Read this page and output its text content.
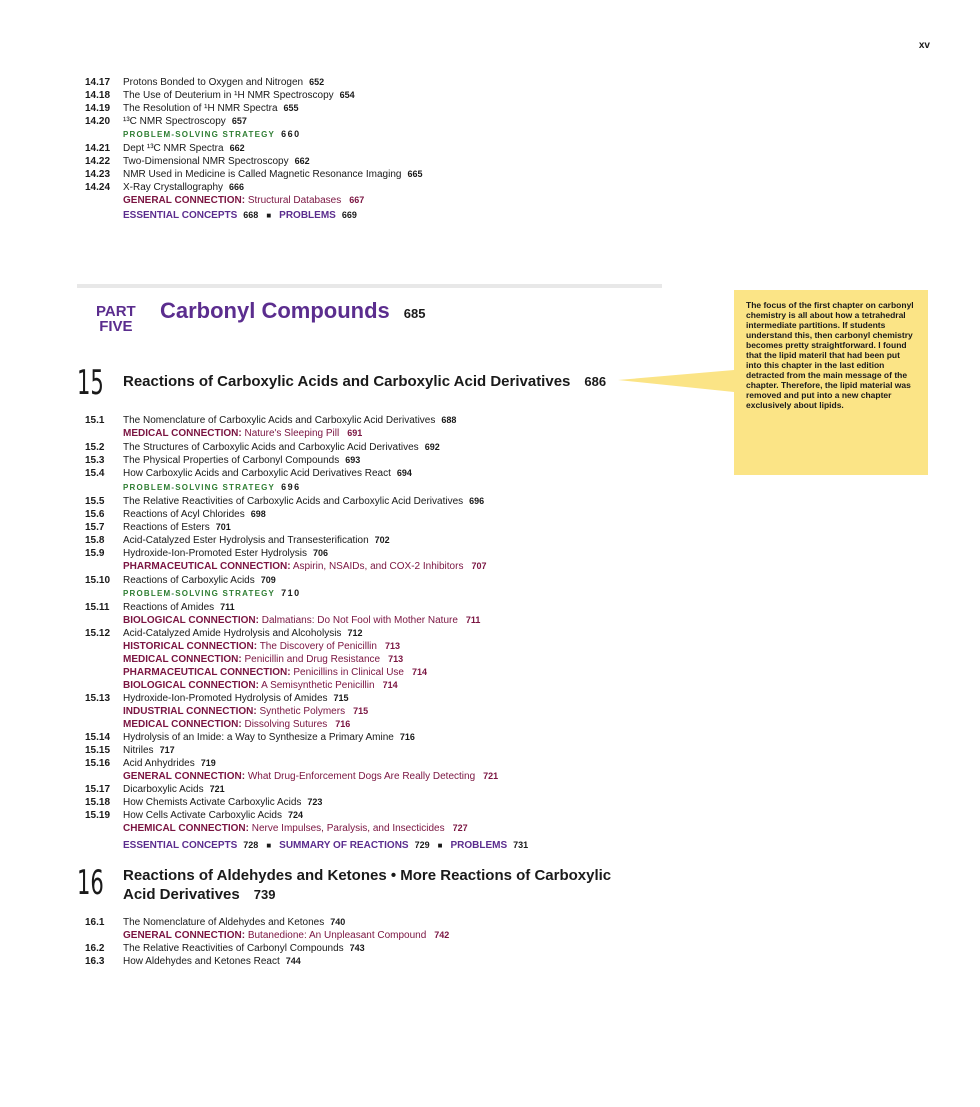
xv
14.17 Protons Bonded to Oxygen and Nitrogen 652
14.18 The Use of Deuterium in ¹H NMR Spectroscopy 654
14.19 The Resolution of ¹H NMR Spectra 655
14.20 ¹³C NMR Spectroscopy 657
PROBLEM-SOLVING STRATEGY 660
14.21 Dept ¹³C NMR Spectra 662
14.22 Two-Dimensional NMR Spectroscopy 662
14.23 NMR Used in Medicine is Called Magnetic Resonance Imaging 665
14.24 X-Ray Crystallography 666
GENERAL CONNECTION: Structural Databases 667
ESSENTIAL CONCEPTS 668 ■ PROBLEMS 669
PART
FIVE
Carbonyl Compounds 685
15 Reactions of Carboxylic Acids and Carboxylic Acid Derivatives 686
15.1 The Nomenclature of Carboxylic Acids and Carboxylic Acid Derivatives 688
MEDICAL CONNECTION: Nature's Sleeping Pill 691
15.2 The Structures of Carboxylic Acids and Carboxylic Acid Derivatives 692
15.3 The Physical Properties of Carbonyl Compounds 693
15.4 How Carboxylic Acids and Carboxylic Acid Derivatives React 694
PROBLEM-SOLVING STRATEGY 696
15.5 The Relative Reactivities of Carboxylic Acids and Carboxylic Acid Derivatives 696
15.6 Reactions of Acyl Chlorides 698
15.7 Reactions of Esters 701
15.8 Acid-Catalyzed Ester Hydrolysis and Transesterification 702
15.9 Hydroxide-Ion-Promoted Ester Hydrolysis 706
PHARMACEUTICAL CONNECTION: Aspirin, NSAIDs, and COX-2 Inhibitors 707
15.10 Reactions of Carboxylic Acids 709
PROBLEM-SOLVING STRATEGY 710
15.11 Reactions of Amides 711
BIOLOGICAL CONNECTION: Dalmatians: Do Not Fool with Mother Nature 711
15.12 Acid-Catalyzed Amide Hydrolysis and Alcoholysis 712
HISTORICAL CONNECTION: The Discovery of Penicillin 713
MEDICAL CONNECTION: Penicillin and Drug Resistance 713
PHARMACEUTICAL CONNECTION: Penicillins in Clinical Use 714
BIOLOGICAL CONNECTION: A Semisynthetic Penicillin 714
15.13 Hydroxide-Ion-Promoted Hydrolysis of Amides 715
INDUSTRIAL CONNECTION: Synthetic Polymers 715
MEDICAL CONNECTION: Dissolving Sutures 716
15.14 Hydrolysis of an Imide: a Way to Synthesize a Primary Amine 716
15.15 Nitriles 717
15.16 Acid Anhydrides 719
GENERAL CONNECTION: What Drug-Enforcement Dogs Are Really Detecting 721
15.17 Dicarboxylic Acids 721
15.18 How Chemists Activate Carboxylic Acids 723
15.19 How Cells Activate Carboxylic Acids 724
CHEMICAL CONNECTION: Nerve Impulses, Paralysis, and Insecticides 727
ESSENTIAL CONCEPTS 728 ■ SUMMARY OF REACTIONS 729 ■ PROBLEMS 731
16 Reactions of Aldehydes and Ketones • More Reactions of Carboxylic
Acid Derivatives 739
16.1 The Nomenclature of Aldehydes and Ketones 740
GENERAL CONNECTION: Butanedione: An Unpleasant Compound 742
16.2 The Relative Reactivities of Carbonyl Compounds 743
16.3 How Aldehydes and Ketones React 744
The focus of the first chapter on carbonyl chemistry is all about how a tetrahedral intermediate partitions. If students understand this, then carbonyl chemistry becomes pretty straightforward. I found that the lipid materil that had been put into this chapter in the last edition detracted from the main message of the chapter. Therefore, the lipid material was removed and put into a new chapter exclusively about lipids.
